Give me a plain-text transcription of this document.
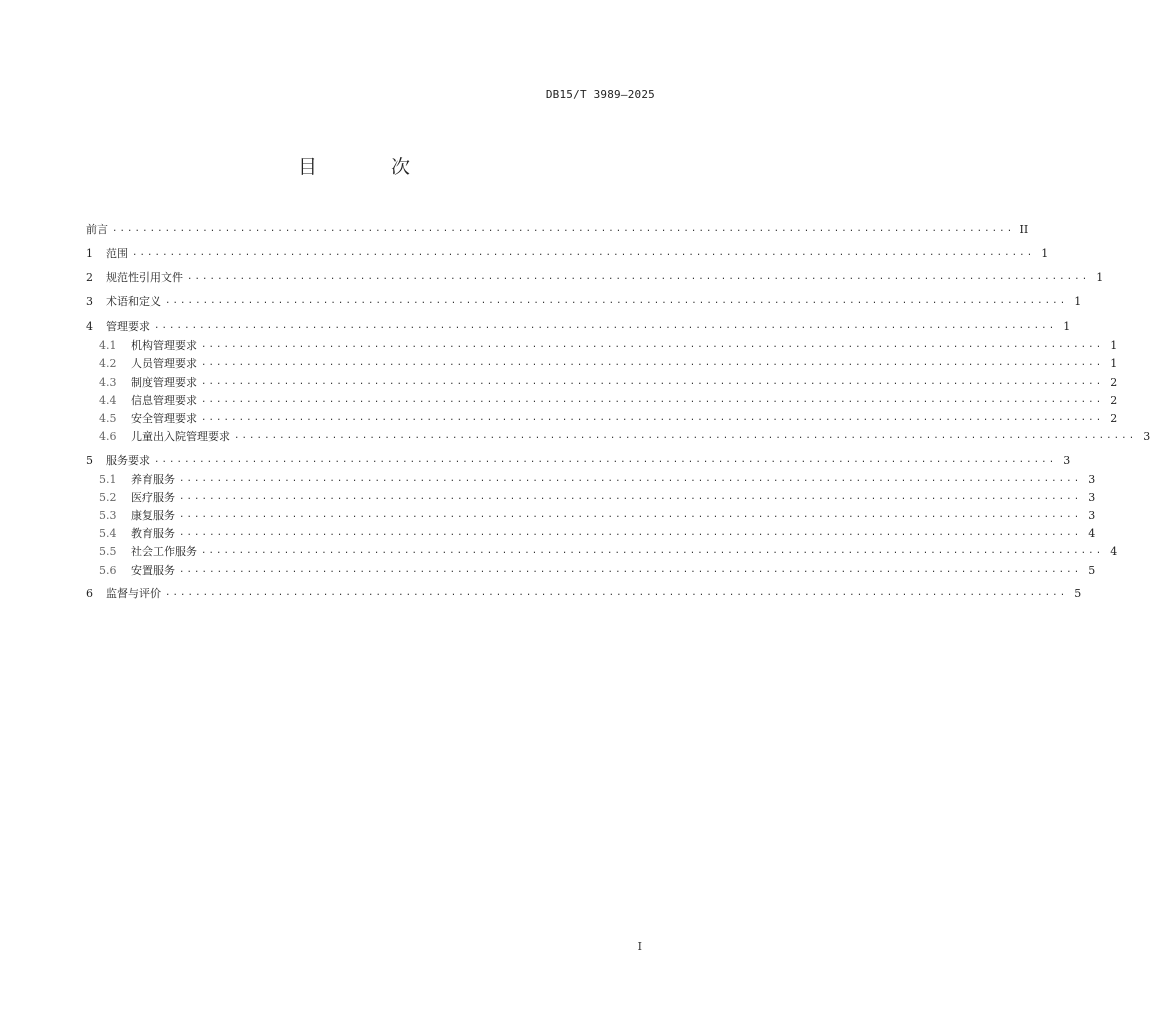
DB15/T 3989—2025
目 次
前言 ........................................................................................................................ II
1	范围 ........................................................................................................................ 1
2	规范性引用文件 ........................................................................................................................ 1
3	术语和定义 ........................................................................................................................ 1
4	管理要求 ........................................................................................................................ 1
4.1	机构管理要求 ........................................................................................................................ 1
4.2	人员管理要求 ........................................................................................................................ 1
4.3	制度管理要求 ........................................................................................................................ 2
4.4	信息管理要求 ........................................................................................................................ 2
4.5	安全管理要求 ........................................................................................................................ 2
4.6	儿童出入院管理要求 ........................................................................................................................ 3
5	服务要求 ........................................................................................................................ 3
5.1	养育服务 ........................................................................................................................ 3
5.2	医疗服务 ........................................................................................................................ 3
5.3	康复服务 ........................................................................................................................ 3
5.4	教育服务 ........................................................................................................................ 4
5.5	社会工作服务 ........................................................................................................................ 4
5.6	安置服务 ........................................................................................................................ 5
6	监督与评价 ........................................................................................................................ 5
I
